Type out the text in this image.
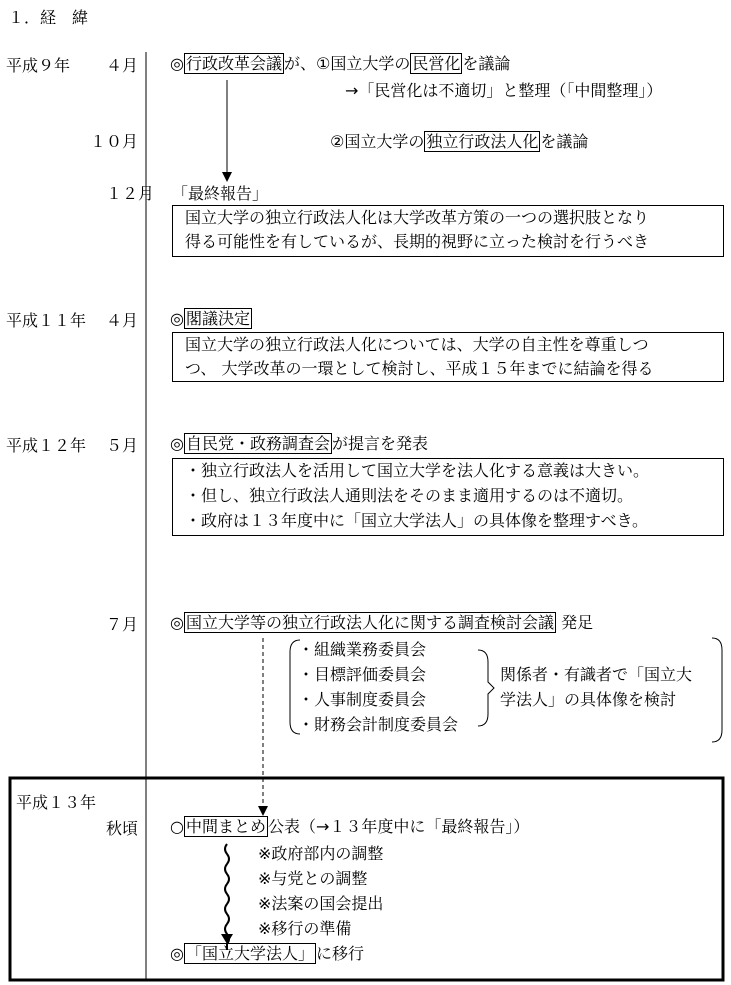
１．経　緯
平成９年 ４月 ◎ 行政改革会議 が、①国立大学の 民営化 を議論
→「民営化は不適切」と整理（「中間整理」）
１０月	②国立大学の 独立行政法人化 を議論
１２月 「最終報告」
国立大学の独立行政法人化は大学改革方策の一つの選択肢となり
得る可能性を有しているが、長期的視野に立った検討を行うべき
平成１１年 ４月 ◎ 閣議決定
国立大学の独立行政法人化については、大学の自主性を尊重しつ
つ、 大学改革の一環として検討し、平成１５年までに結論を得る
平成１２年 ５月 ◎ 自民党・政務調査会 が提言を発表
・独立行政法人を活用して国立大学を法人化する意義は大きい。
・但し、独立行政法人通則法をそのまま適用するのは不適切。
・政府は１３年度中に「国立大学法人」の具体像を整理すべき。
７月 ◎ 国立大学等の独立行政法人化に関する調査検討会議 発足
・組織業務委員会
・目標評価委員会
・人事制度委員会
・財務会計制度委員会
関係者・有識者で「国立大
学法人」の具体像を検討
平成１３年
秋頃 ○ 中間まとめ 公表（→１３年度中に「最終報告」）
※政府部内の調整
※与党との調整
※法案の国会提出
※移行の準備
◎ 「国立大学法人」 に移行
